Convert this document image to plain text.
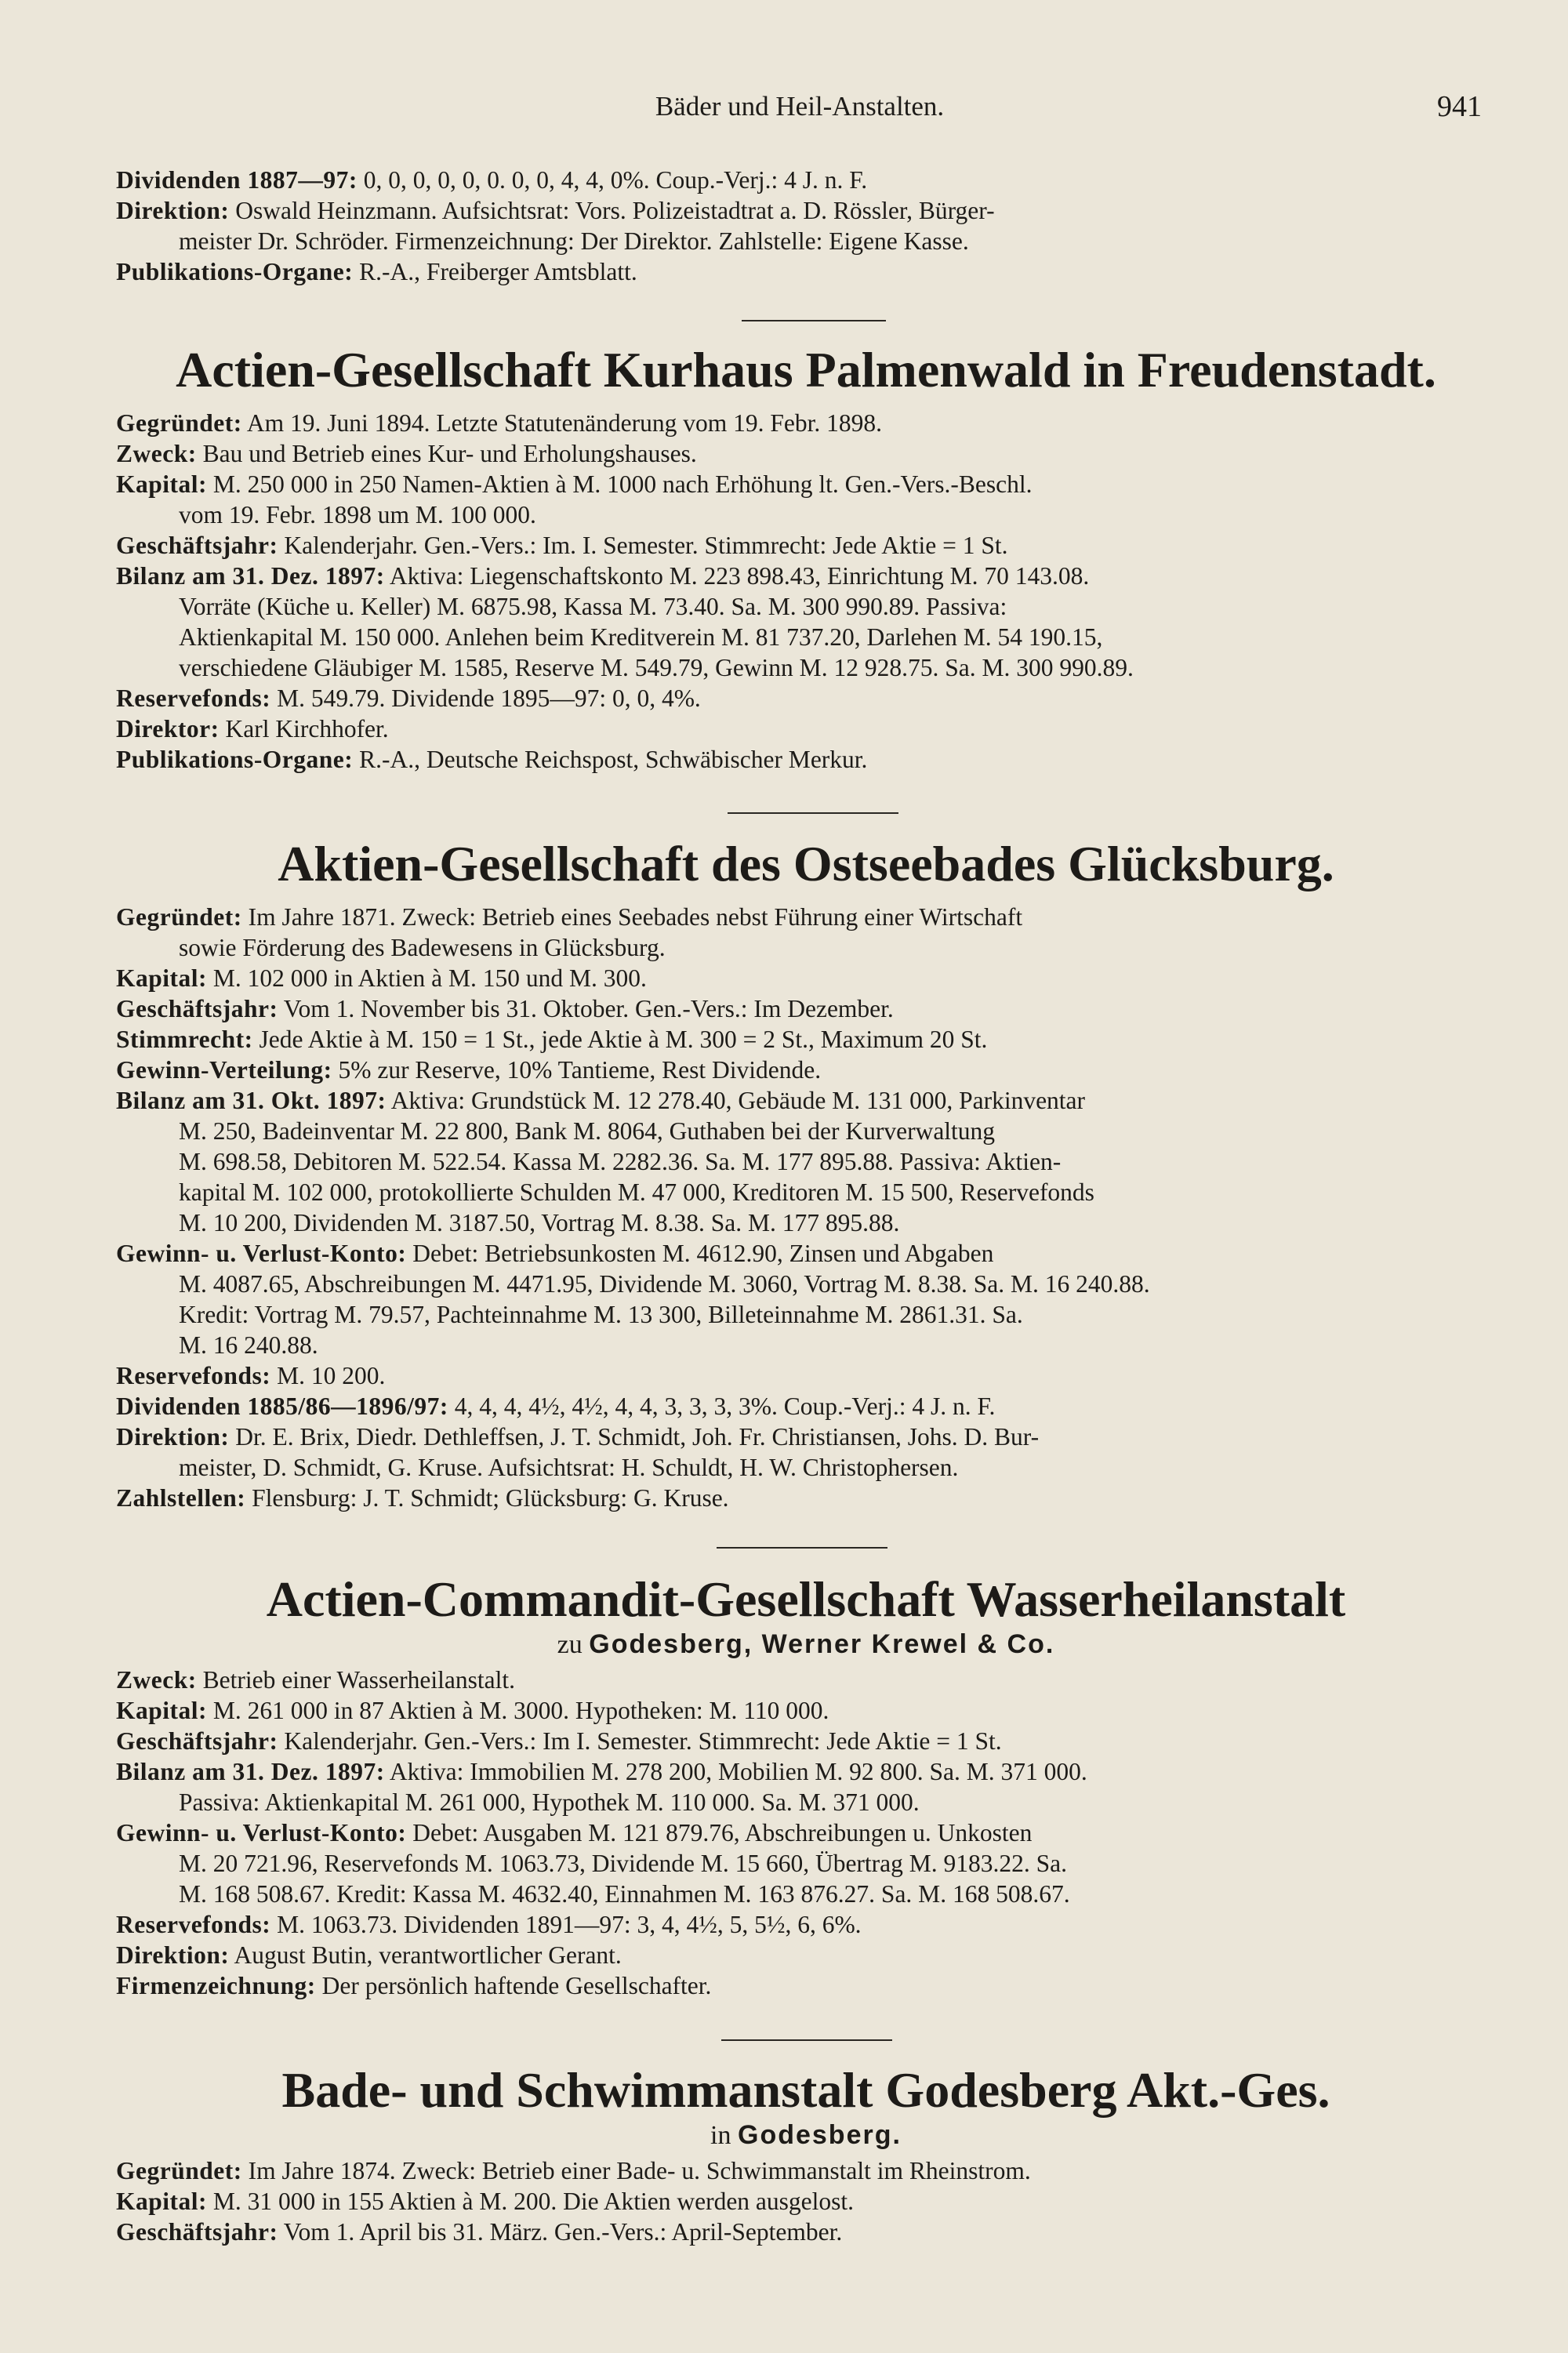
Bäder und Heil-Anstalten.	941

Dividenden 1887—97: 0, 0, 0, 0, 0, 0. 0, 0, 4, 4, 0%. Coup.-Verj.: 4 J. n. F.

Direktion: Oswald Heinzmann. Aufsichtsrat: Vors. Polizeistadtrat a. D. Rössler, Bürger-

meister Dr. Schröder. Firmenzeichnung: Der Direktor. Zahlstelle: Eigene Kasse.

Publikations-Organe: R.-A., Freiberger Amtsblatt.

Actien-Gesellschaft Kurhaus Palmenwald in Freudenstadt.

Gegründet: Am 19. Juni 1894. Letzte Statutenänderung vom 19. Febr. 1898.

Zweck: Bau und Betrieb eines Kur- und Erholungshauses.

Kapital: M. 250 000 in 250 Namen-Aktien à M. 1000 nach Erhöhung lt. Gen.-Vers.-Beschl.

vom 19. Febr. 1898 um M. 100 000.

Geschäftsjahr: Kalenderjahr. Gen.-Vers.: Im. I. Semester. Stimmrecht: Jede Aktie = 1 St.

Bilanz am 31. Dez. 1897: Aktiva: Liegenschaftskonto M. 223 898.43, Einrichtung M. 70 143.08.

Vorräte (Küche u. Keller) M. 6875.98, Kassa M. 73.40. Sa. M. 300 990.89. Passiva:

Aktienkapital M. 150 000. Anlehen beim Kreditverein M. 81 737.20, Darlehen M. 54 190.15,

verschiedene Gläubiger M. 1585, Reserve M. 549.79, Gewinn M. 12 928.75. Sa. M. 300 990.89.

Reservefonds: M. 549.79. Dividende 1895—97: 0, 0, 4%.

Direktor: Karl Kirchhofer.

Publikations-Organe: R.-A., Deutsche Reichspost, Schwäbischer Merkur.

Aktien-Gesellschaft des Ostseebades Glücksburg.

Gegründet: Im Jahre 1871. Zweck: Betrieb eines Seebades nebst Führung einer Wirtschaft

sowie Förderung des Badewesens in Glücksburg.

Kapital: M. 102 000 in Aktien à M. 150 und M. 300.

Geschäftsjahr: Vom 1. November bis 31. Oktober. Gen.-Vers.: Im Dezember.

Stimmrecht: Jede Aktie à M. 150 = 1 St., jede Aktie à M. 300 = 2 St., Maximum 20 St.

Gewinn-Verteilung: 5% zur Reserve, 10% Tantieme, Rest Dividende.

Bilanz am 31. Okt. 1897: Aktiva: Grundstück M. 12 278.40, Gebäude M. 131 000, Parkinventar

M. 250, Badeinventar M. 22 800, Bank M. 8064, Guthaben bei der Kurverwaltung

M. 698.58, Debitoren M. 522.54. Kassa M. 2282.36. Sa. M. 177 895.88. Passiva: Aktien-

kapital M. 102 000, protokollierte Schulden M. 47 000, Kreditoren M. 15 500, Reservefonds

M. 10 200, Dividenden M. 3187.50, Vortrag M. 8.38. Sa. M. 177 895.88.

Gewinn- u. Verlust-Konto: Debet: Betriebsunkosten M. 4612.90, Zinsen und Abgaben

M. 4087.65, Abschreibungen M. 4471.95, Dividende M. 3060, Vortrag M. 8.38. Sa. M. 16 240.88.

Kredit: Vortrag M. 79.57, Pachteinnahme M. 13 300, Billeteinnahme M. 2861.31. Sa.

M. 16 240.88.

Reservefonds: M. 10 200.

Dividenden 1885/86—1896/97: 4, 4, 4, 4½, 4½, 4, 4, 3, 3, 3, 3%. Coup.-Verj.: 4 J. n. F.

Direktion: Dr. E. Brix, Diedr. Dethleffsen, J. T. Schmidt, Joh. Fr. Christiansen, Johs. D. Bur-

meister, D. Schmidt, G. Kruse. Aufsichtsrat: H. Schuldt, H. W. Christophersen.

Zahlstellen: Flensburg: J. T. Schmidt; Glücksburg: G. Kruse.

Actien-Commandit-Gesellschaft Wasserheilanstalt

zu Godesberg, Werner Krewel & Co.

Zweck: Betrieb einer Wasserheilanstalt.

Kapital: M. 261 000 in 87 Aktien à M. 3000. Hypotheken: M. 110 000.

Geschäftsjahr: Kalenderjahr. Gen.-Vers.: Im I. Semester. Stimmrecht: Jede Aktie = 1 St.

Bilanz am 31. Dez. 1897: Aktiva: Immobilien M. 278 200, Mobilien M. 92 800. Sa. M. 371 000.

Passiva: Aktienkapital M. 261 000, Hypothek M. 110 000. Sa. M. 371 000.

Gewinn- u. Verlust-Konto: Debet: Ausgaben M. 121 879.76, Abschreibungen u. Unkosten

M. 20 721.96, Reservefonds M. 1063.73, Dividende M. 15 660, Übertrag M. 9183.22. Sa.

M. 168 508.67. Kredit: Kassa M. 4632.40, Einnahmen M. 163 876.27. Sa. M. 168 508.67.

Reservefonds: M. 1063.73. Dividenden 1891—97: 3, 4, 4½, 5, 5½, 6, 6%.

Direktion: August Butin, verantwortlicher Gerant.

Firmenzeichnung: Der persönlich haftende Gesellschafter.

Bade- und Schwimmanstalt Godesberg Akt.-Ges.

in Godesberg.

Gegründet: Im Jahre 1874. Zweck: Betrieb einer Bade- u. Schwimmanstalt im Rheinstrom.

Kapital: M. 31 000 in 155 Aktien à M. 200. Die Aktien werden ausgelost.

Geschäftsjahr: Vom 1. April bis 31. März. Gen.-Vers.: April-September.
